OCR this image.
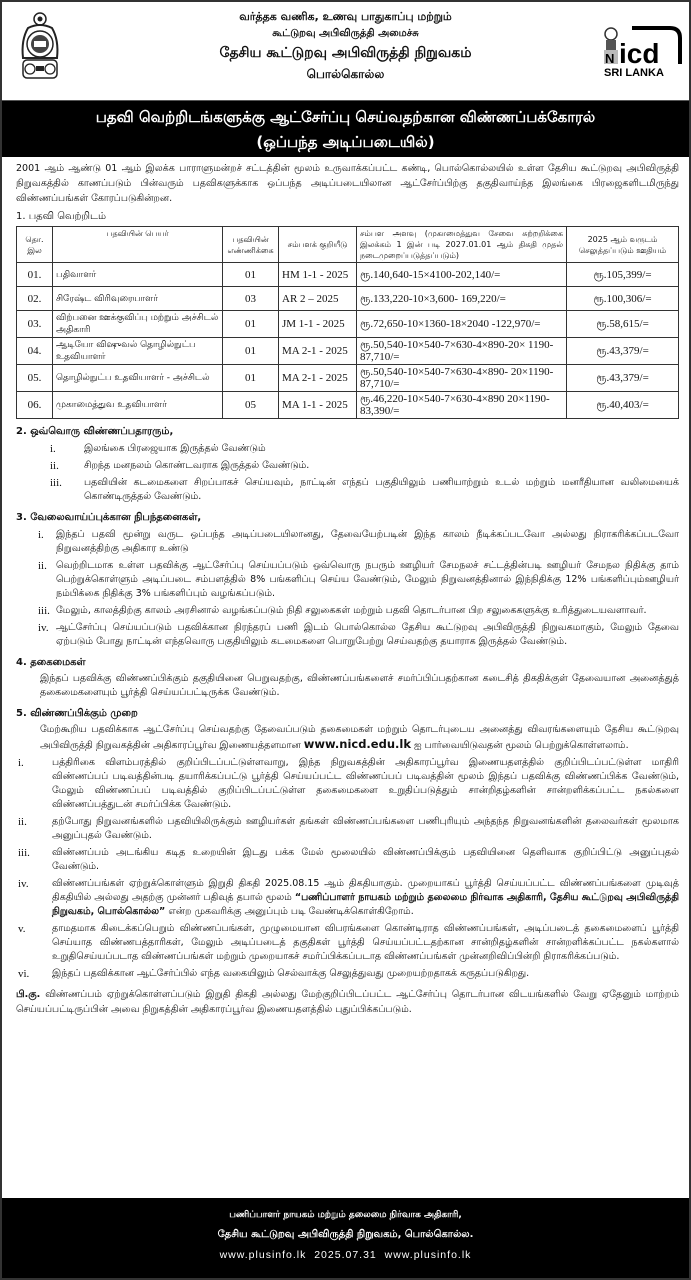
வர்த்தக வணிக, உணவு பாதுகாப்பு மற்றும்
கூட்டுறவு அபிவிருத்தி அமைச்சு
தேசிய கூட்டுறவு அபிவிருத்தி நிறுவகம்
பொல்கொல்ல
N icd
SRI LANKA
பதவி வெற்றிடங்களுக்கு ஆட்சேர்ப்பு செய்வதற்கான விண்ணப்பக்கோரல்
(ஒப்பந்த அடிப்படையில்)

2001 ஆம் ஆண்டு 01 ஆம் இலக்க பாராளுமன்றச் சட்டத்தின் மூலம் உருவாக்கப்பட்ட கண்டி, பொல்கொல்லயில் உள்ள தேசிய கூட்டுறவு அபிவிருத்தி நிறுவகத்தில் காணப்படும் பின்வரும் பதவிகளுக்காக ஒப்பந்த அடிப்படையிலான ஆட்சேர்ப்பிற்கு தகுதிவாய்ந்த இலங்கை பிரஜைகளிடமிருந்து விண்ணப்பங்கள் கோரப்படுகின்றன.

1. பதவி வெற்றிடம்
தொ. இல	பதவியின் பெயர்	பதவியின் எண்ணிக்கை	சம்பளக் குறியீடு	சம்பள அளவு (முகாமைத்துவ சேவை சுற்றறிக்கை இலக்கம் 1 இன் படி 2027.01.01 ஆம் திகதி முதல் நடைமுறைப்படுத்தப்படும்)	2025 ஆம் வருடம் செலுத்தப்படும் ஊதியம்
01.	பதிவாளர்	01	HM 1-1 - 2025	ரூ.140,640-15×4100-202,140/=	ரூ.105,399/=
02.	சிரேஷ்ட விரிவுரையாளர்	03	AR 2 – 2025	ரூ.133,220-10×3,600- 169,220/=	ரூ.100,306/=
03.	விற்பனை ஊக்குவிப்பு மற்றும் அச்சிடல் அதிகாரி	01	JM 1-1 - 2025	ரூ.72,650-10×1360-18×2040 -122,970/=	ரூ.58,615/=
04.	ஆடியோ விஷுவல் தொழில்நுட்ப உதவியாளர்	01	MA 2-1 - 2025	ரூ.50,540-10×540-7×630-4×890-20× 1190-87,710/=	ரூ.43,379/=
05.	தொழில்நுட்ப உதவியாளர் - அச்சிடல்	01	MA 2-1 - 2025	ரூ.50,540-10×540-7×630-4×890- 20×1190-87,710/=	ரூ.43,379/=
06.	முகாமைத்துவ உதவியாளர்	05	MA 1-1 - 2025	ரூ.46,220-10×540-7×630-4×890 20×1190-83,390/=	ரூ.40,403/=
2. ஒவ்வொரு விண்ணப்பதாரரும்,
i.	இலங்கை பிரஜையாக இருத்தல் வேண்டும்
ii.	சிறந்த மனநலம் கொண்டவராக இருத்தல் வேண்டும்.
iii. பதவியின் கடமைகளை சிறப்பாகச் செய்யவும், நாட்டின் எந்தப் பகுதியிலும் பணியாற்றும் உடல் மற்றும் மனரீதியான வலிமையைக் கொண்டிருத்தல் வேண்டும்.
3. வேலைவாய்ப்புக்கான நிபந்தனைகள்,
i. இந்தப் பதவி மூன்று வருட ஒப்பந்த அடிப்படையிலானது, தேவையேற்படின் இந்த காலம் நீடிக்கப்படவோ அல்லது நிராகரிக்கப்படவோ நிறுவனத்திற்கு அதிகார உண்டு
ii. வெற்றிடமாக உள்ள பதவிக்கு ஆட்சேர்ப்பு செய்யப்படும் ஒவ்வொரு நபரும் ஊழியர் சேமநலச் சட்டத்தின்படி ஊழியர் சேமநல நிதிக்கு தாம் பெற்றுக்கொள்ளும் அடிப்படை சம்பளத்தில் 8% பங்களிப்பு செய்ய வேண்டும், மேலும் நிறுவனத்தினால் இந்நிதிக்கு 12% பங்களிப்பும்ஊழியர் நம்பிக்கை நிதிக்கு 3% பங்களிப்பும் வழங்கப்படும்.
iii. மேலும், காலத்திற்கு காலம் அரசினால் வழங்கப்படும் நிதி சலுகைகள் மற்றும் பதவி தொடர்பான பிற சலுகைகளுக்கு உரித்துடையவளாவர்.
iv. ஆட்சேர்ப்பு செய்யப்படும் பதவிக்கான நிரந்தரப் பணி இடம் பொல்கொல்ல தேசிய கூட்டுறவு அபிவிருத்தி நிறுவகமாகும், மேலும் தேவை ஏற்படும் போது நாட்டின் எந்தவொரு பகுதியிலும் கடமைகளை பொறுபேற்று செய்வதற்கு தயாராக இருத்தல் வேண்டும்.
4. தகைமைகள்

இந்தப் பதவிக்கு விண்ணப்பிக்கும் தகுதியினை பெறுவதற்கு, விண்ணப்பங்களைச் சமர்ப்பிப்பதற்கான கடைசித் திகதிக்குள் தேவையான அனைத்துத் தகைமைகளையும் பூர்த்தி செய்யப்பட்டிருக்க வேண்டும்.

5. விண்ணப்பிக்கும் முறை

மேற்கூறிய பதவிக்காக ஆட்சேர்ப்பு செய்வதற்கு தேவைப்படும் தகைமைகள் மற்றும் தொடர்புடைய அனைத்து விவரங்களையும் தேசிய கூட்டுறவு அபிவிருத்தி நிறுவகத்தின் அதிகாரப்பூர்வ இணையத்தளமான www.nicd.edu.lk ஐ பார்வையிடுவதன் மூலம் பெற்றுக்கொள்ளலாம்.

i.	பத்திரிகை விளம்பரத்தில் குறிப்பிடப்பட்டுள்ளவாறு, இந்த நிறுவகத்தின் அதிகாரப்பூர்வ இணையதளத்தில் குறிப்பிடப்பட்டுள்ள மாதிரி விண்ணப்பப் படிவத்தின்படி தயாரிக்கப்பட்டு பூர்த்தி செய்யப்பட்ட விண்ணப்பப் படிவத்தின் மூலம் இந்தப் பதவிக்கு விண்ணப்பிக்க வேண்டும், மேலும் விண்ணப்பப் படிவத்தில் குறிப்பிடப்பட்டுள்ள தகைமைகளை உறுதிப்படுத்தும் சான்றிதழ்களின் சான்றளிக்கப்பட்ட நகல்களை விண்ணப்பத்துடன் சமர்ப்பிக்க வேண்டும்.
ii.	தற்போது நிறுவனங்களில் பதவியிலிருக்கும் ஊழியர்கள் தங்கள் விண்ணப்பங்களை பணிபுரியும் அந்தந்த நிறுவனங்களின் தலைவர்கள் மூலமாக அனுப்புதல் வேண்டும்.
iii. விண்ணப்பம் அடங்கிய கடித உறையின் இடது பக்க மேல் மூலையில் விண்ணப்பிக்கும் பதவியினை தெளிவாக குறிப்பிட்டு அனுப்புதல் வேண்டும்.
iv. விண்ணப்பங்கள் ஏற்றுக்கொள்ளும் இறுதி திகதி 2025.08.15 ஆம் திகதியாகும். முறையாகப் பூர்த்தி செய்யப்பட்ட விண்ணப்பங்களை முடிவுத் திகதியில் அல்லது அதற்கு முன்னர் பதிவுத் தபால் மூலம் “பணிப்பாளர் நாயகம் மற்றும் தலைமை நிர்வாக அதிகாரி, தேசிய கூட்டுறவு அபிவிருத்தி நிறுவகம், பொல்கொல்ல” என்ற முகவரிக்கு அனுப்பும் படி வேண்டிக்கொள்கிறோம்.
v.	தாமதமாக கிடைக்கப்பெறும் விண்ணப்பங்கள், முழுமையான விபரங்களை கொண்டிராத விண்ணப்பங்கள், அடிப்படைத் தகைமைளைப் பூர்த்தி செய்யாத விண்ணபத்தாரிகள், மேலும் அடிப்படைத் தகுதிகள் பூர்த்தி செய்யப்பட்டதற்கான சான்றிதழ்களின் சான்றளிக்கப்பட்ட நகல்களால் உறுதிசெய்யப்படாத விண்ணப்பங்கள் மற்றும் முறையாகச் சமர்ப்பிக்கப்படாத விண்ணப்பங்கள் முன்னறிவிப்பின்றி நிராகரிக்கப்படும்.
vi. இந்தப் பதவிக்கான ஆட்சேர்ப்பில் எந்த வகையிலும் செல்வாக்கு செலுத்துவது முறையற்றதாகக் கருதப்படுகிறது.

பி.கு. விண்ணப்பம் ஏற்றுக்கொள்ளப்படும் இறுதி திகதி அல்லது மேற்குறிப்பிடப்பட்ட ஆட்சேர்ப்பு தொடர்பான விடயங்களில் வேறு ஏதேனும் மாற்றம் செய்யப்பட்டிருப்பின் அவை நிறுகத்தின் அதிகாரப்பூர்வ இணையதளத்தில் புதுப்பிக்கப்படும்.

பணிப்பாளர் நாயகம் மற்றும் தலைமை நிர்வாக அதிகாரி,
தேசிய கூட்டுறவு அபிவிருத்தி நிறுவகம், பொல்கொல்ல.
www.plusinfo.lk 2025.07.31 www.plusinfo.lk
